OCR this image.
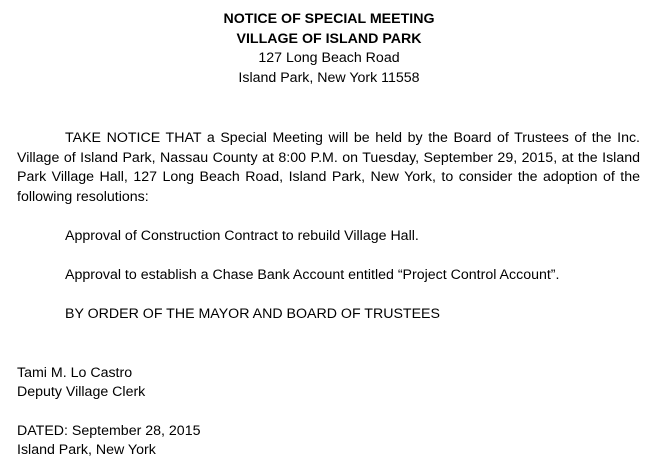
NOTICE OF SPECIAL MEETING
VILLAGE OF ISLAND PARK
127 Long Beach Road
Island Park, New York 11558

TAKE NOTICE THAT a Special Meeting will be held by the Board of Trustees of the Inc. Village of Island Park, Nassau County at 8:00 P.M. on Tuesday, September 29, 2015, at the Island Park Village Hall, 127 Long Beach Road, Island Park, New York, to consider the adoption of the following resolutions:

Approval of Construction Contract to rebuild Village Hall.
Approval to establish a Chase Bank Account entitled “Project Control Account”.
BY ORDER OF THE MAYOR AND BOARD OF TRUSTEES
Tami M. Lo Castro
Deputy Village Clerk
DATED: September 28, 2015
Island Park, New York
